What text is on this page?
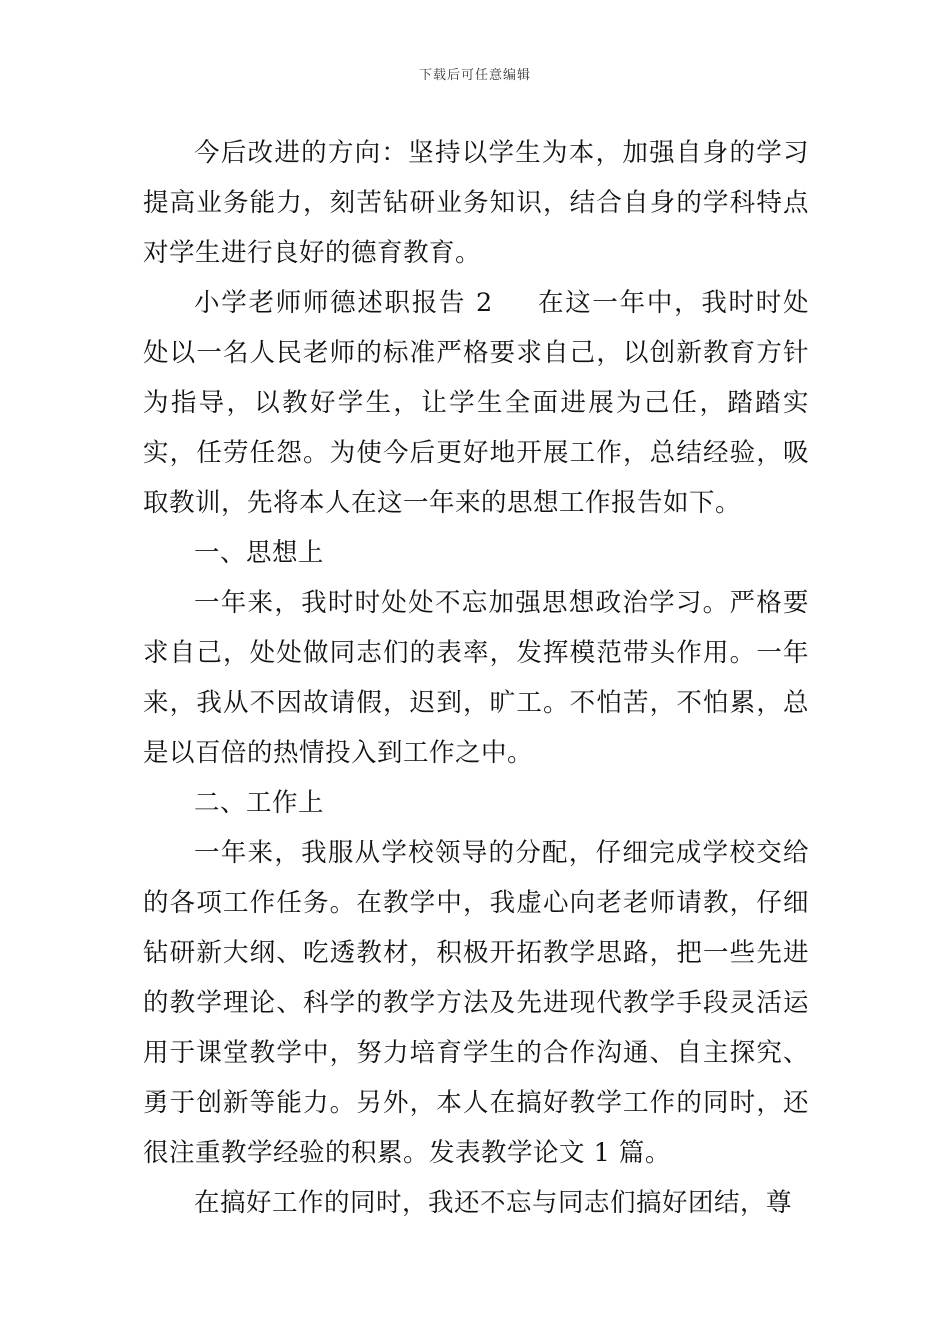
下载后可任意编辑

今后改进的方向：坚持以学生为本，加强自身的学习提高业务能力，刻苦钻研业务知识，结合自身的学科特点对学生进行良好的德育教育。

小学老师师德述职报告 2 在这一年中，我时时处处以一名人民老师的标准严格要求自己，以创新教育方针为指导，以教好学生，让学生全面进展为己任，踏踏实实，任劳任怨。为使今后更好地开展工作，总结经验，吸取教训，先将本人在这一年来的思想工作报告如下。

一、思想上

一年来，我时时处处不忘加强思想政治学习。严格要求自己，处处做同志们的表率，发挥模范带头作用。一年来，我从不因故请假，迟到，旷工。不怕苦，不怕累，总是以百倍的热情投入到工作之中。

二、工作上

一年来，我服从学校领导的分配，仔细完成学校交给的各项工作任务。在教学中，我虚心向老老师请教，仔细钻研新大纲、吃透教材，积极开拓教学思路，把一些先进的教学理论、科学的教学方法及先进现代教学手段灵活运用于课堂教学中，努力培育学生的合作沟通、自主探究、勇于创新等能力。另外，本人在搞好教学工作的同时，还很注重教学经验的积累。发表教学论文 1 篇。

在搞好工作的同时，我还不忘与同志们搞好团结，尊
